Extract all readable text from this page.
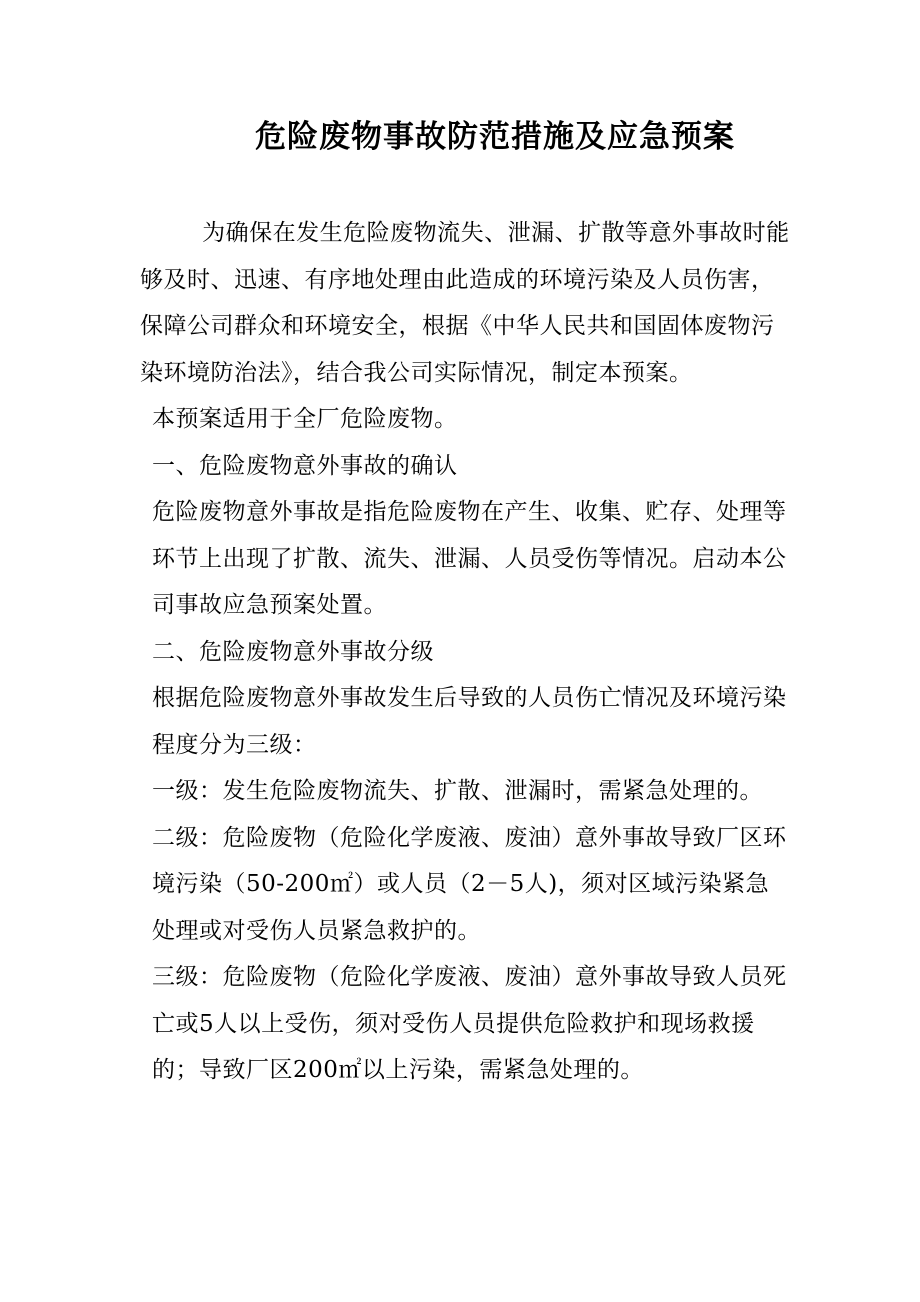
危险废物事故防范措施及应急预案

为确保在发生危险废物流失、泄漏、扩散等意外事故时能够及时、迅速、有序地处理由此造成的环境污染及人员伤害，保障公司群众和环境安全，根据《中华人民共和国固体废物污染环境防治法》，结合我公司实际情况，制定本预案。

本预案适用于全厂危险废物。

一、危险废物意外事故的确认

危险废物意外事故是指危险废物在产生、收集、贮存、处理等环节上出现了扩散、流失、泄漏、人员受伤等情况。启动本公司事故应急预案处置。

二、危险废物意外事故分级

根据危险废物意外事故发生后导致的人员伤亡情况及环境污染程度分为三级：

一级：发生危险废物流失、扩散、泄漏时，需紧急处理的。

二级：危险废物（危险化学废液、废油）意外事故导致厂区环境污染（50-200㎡）或人员（2－5人)，须对区域污染紧急处理或对受伤人员紧急救护的。

三级：危险废物（危险化学废液、废油）意外事故导致人员死亡或5人以上受伤，须对受伤人员提供危险救护和现场救援的；导致厂区200㎡以上污染，需紧急处理的。
